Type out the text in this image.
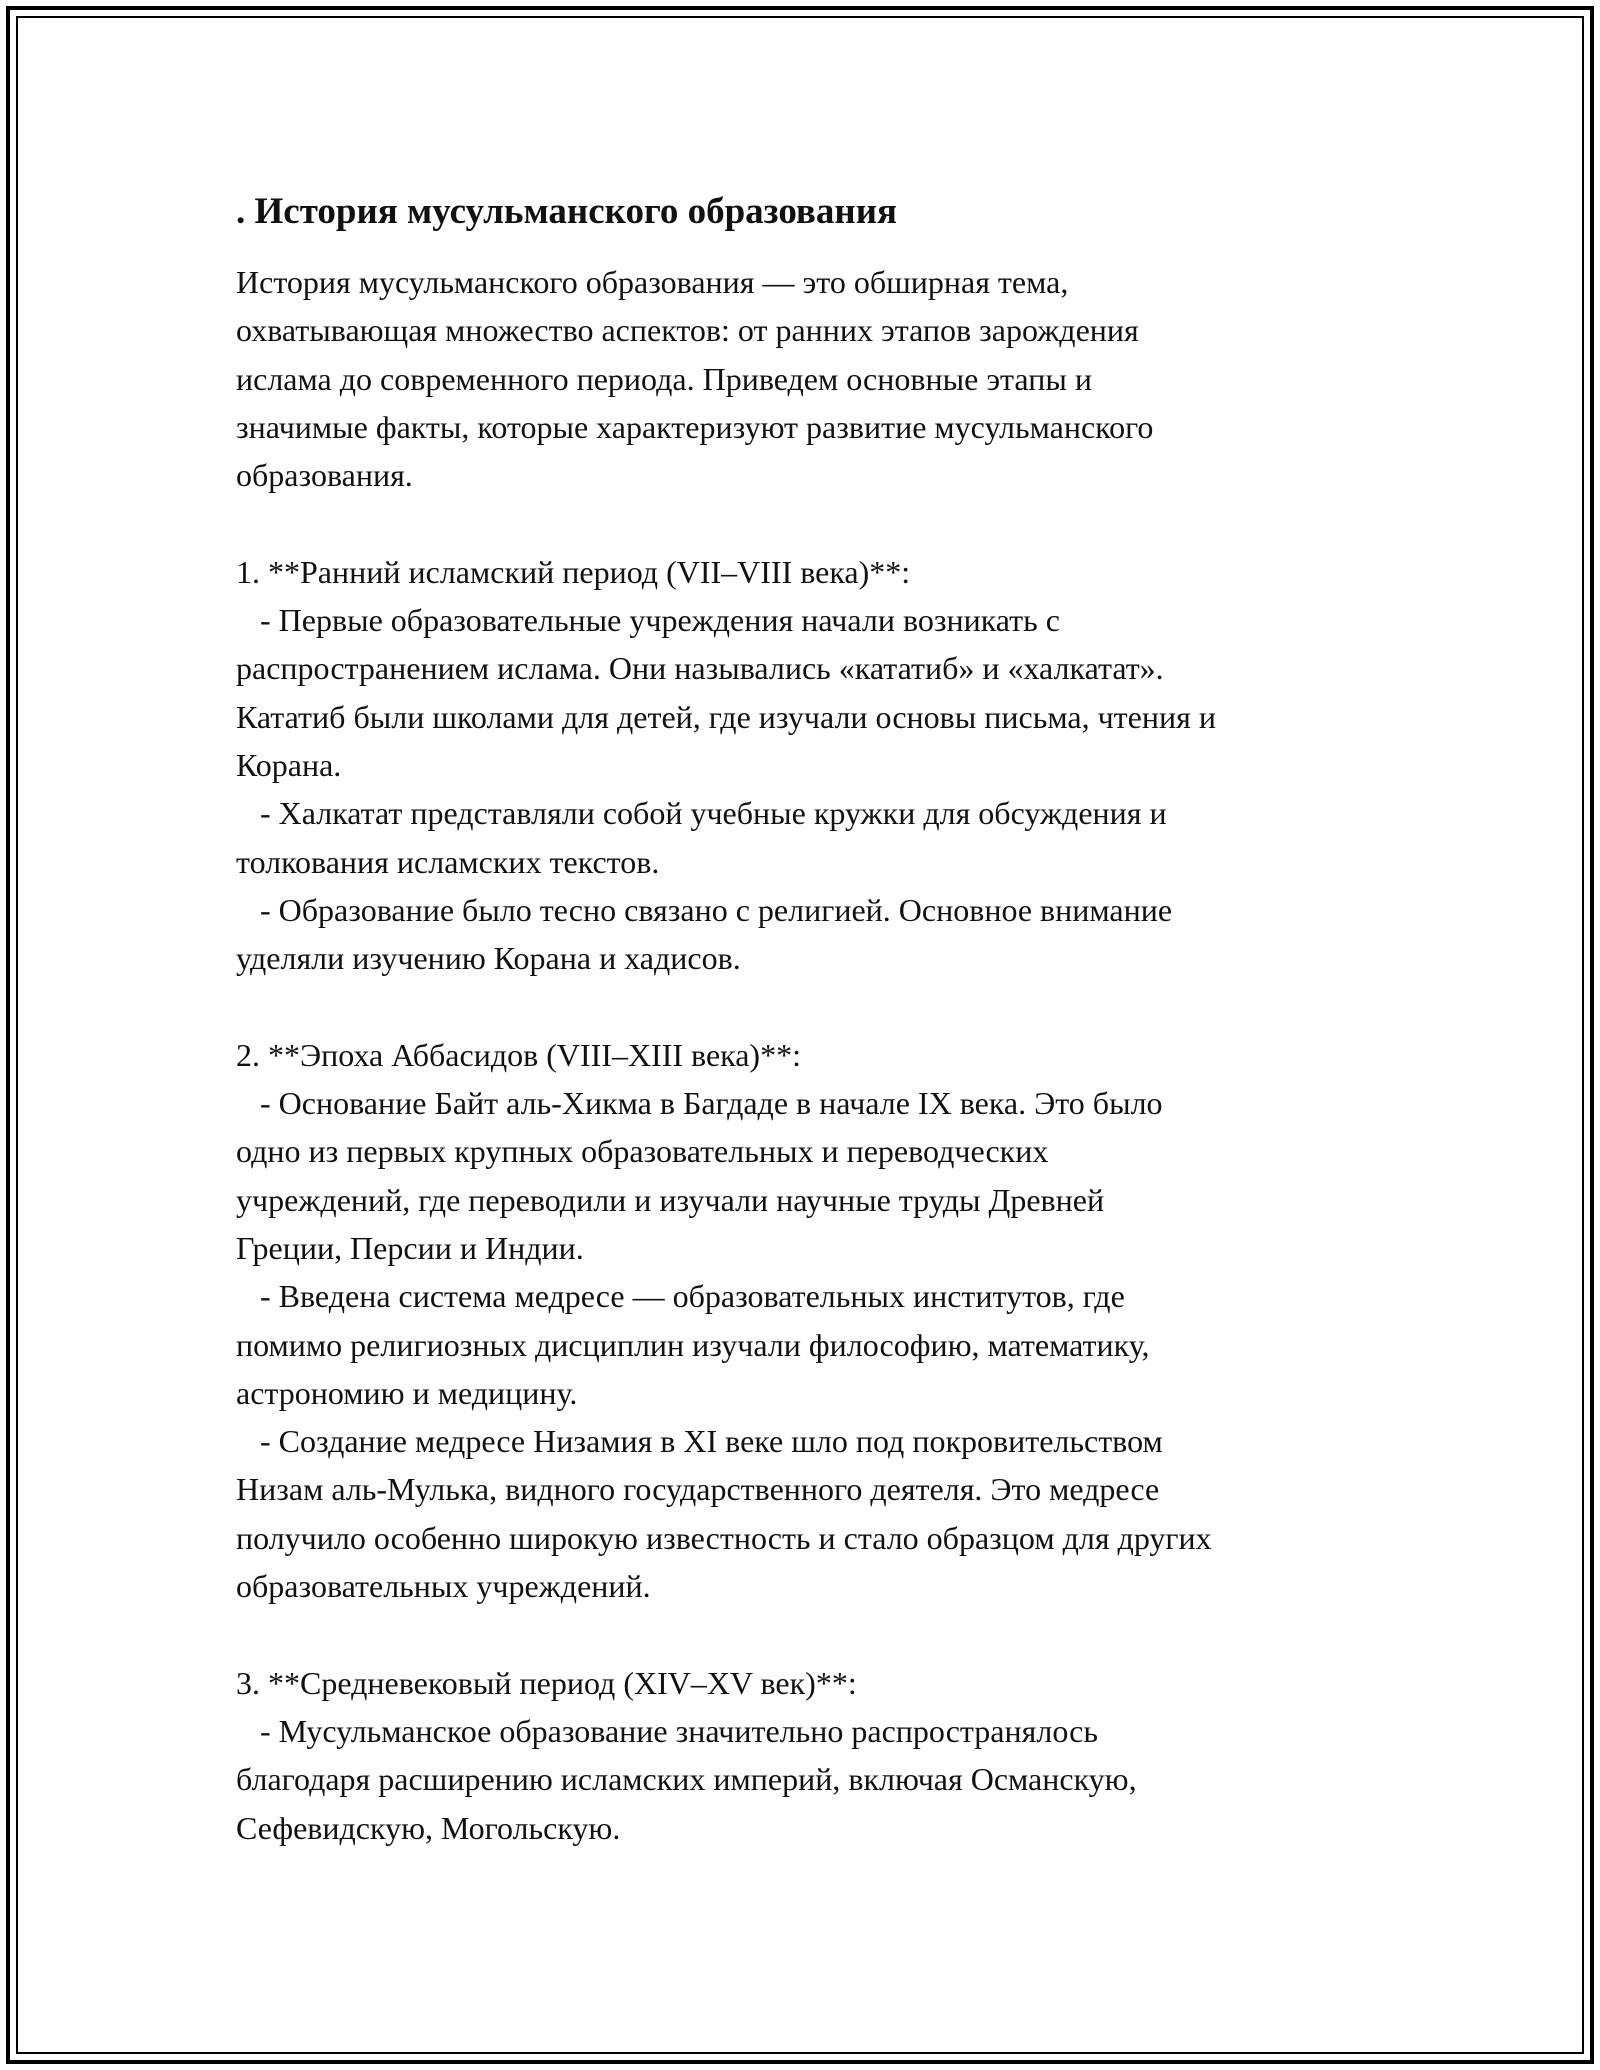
. История мусульманского образования

История мусульманского образования — это обширная тема,

охватывающая множество аспектов: от ранних этапов зарождения

ислама до современного периода. Приведем основные этапы и

значимые факты, которые характеризуют развитие мусульманского

образования.

1. **Ранний исламский период (VII–VIII века)**:

- Первые образовательные учреждения начали возникать с

распространением ислама. Они назывались «кататиб» и «халкатат».

Кататиб были школами для детей, где изучали основы письма, чтения и

Корана.

- Халкатат представляли собой учебные кружки для обсуждения и

толкования исламских текстов.

- Образование было тесно связано с религией. Основное внимание

уделяли изучению Корана и хадисов.

2. **Эпоха Аббасидов (VIII–XIII века)**:

- Основание Байт аль-Хикма в Багдаде в начале IX века. Это было

одно из первых крупных образовательных и переводческих

учреждений, где переводили и изучали научные труды Древней

Греции, Персии и Индии.

- Введена система медресе — образовательных институтов, где

помимо религиозных дисциплин изучали философию, математику,

астрономию и медицину.

- Создание медресе Низамия в XI веке шло под покровительством

Низам аль-Мулька, видного государственного деятеля. Это медресе

получило особенно широкую известность и стало образцом для других

образовательных учреждений.

3. **Средневековый период (XIV–XV век)**:

- Мусульманское образование значительно распространялось

благодаря расширению исламских империй, включая Османскую,

Сефевидскую, Могольскую.
